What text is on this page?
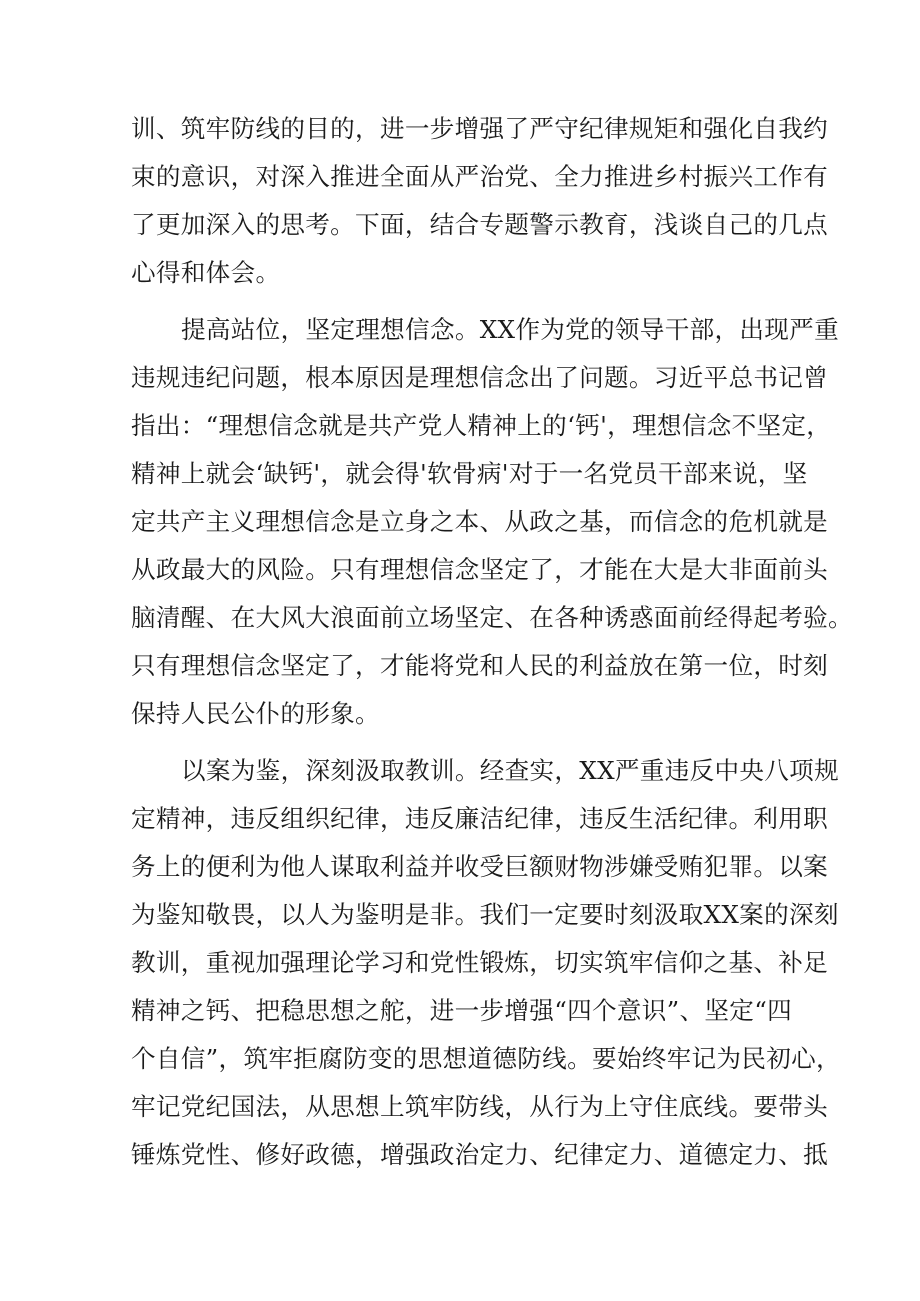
训、筑牢防线的目的，进一步增强了严守纪律规矩和强化自我约
束的意识，对深入推进全面从严治党、全力推进乡村振兴工作有
了更加深入的思考。下面，结合专题警示教育，浅谈自己的几点
心得和体会。
提高站位，坚定理想信念。XX作为党的领导干部，出现严重
违规违纪问题，根本原因是理想信念出了问题。习近平总书记曾
指出：“理想信念就是共产党人精神上的‘钙'，理想信念不坚定，
精神上就会‘缺钙'，就会得'软骨病'对于一名党员干部来说，坚
定共产主义理想信念是立身之本、从政之基，而信念的危机就是
从政最大的风险。只有理想信念坚定了，才能在大是大非面前头
脑清醒、在大风大浪面前立场坚定、在各种诱惑面前经得起考验。
只有理想信念坚定了，才能将党和人民的利益放在第一位，时刻
保持人民公仆的形象。
以案为鉴，深刻汲取教训。经查实，XX严重违反中央八项规
定精神，违反组织纪律，违反廉洁纪律，违反生活纪律。利用职
务上的便利为他人谋取利益并收受巨额财物涉嫌受贿犯罪。以案
为鉴知敬畏，以人为鉴明是非。我们一定要时刻汲取XX案的深刻
教训，重视加强理论学习和党性锻炼，切实筑牢信仰之基、补足
精神之钙、把稳思想之舵，进一步增强“四个意识”、坚定“四
个自信”，筑牢拒腐防变的思想道德防线。要始终牢记为民初心，
牢记党纪国法，从思想上筑牢防线，从行为上守住底线。要带头
锤炼党性、修好政德，增强政治定力、纪律定力、道德定力、抵
